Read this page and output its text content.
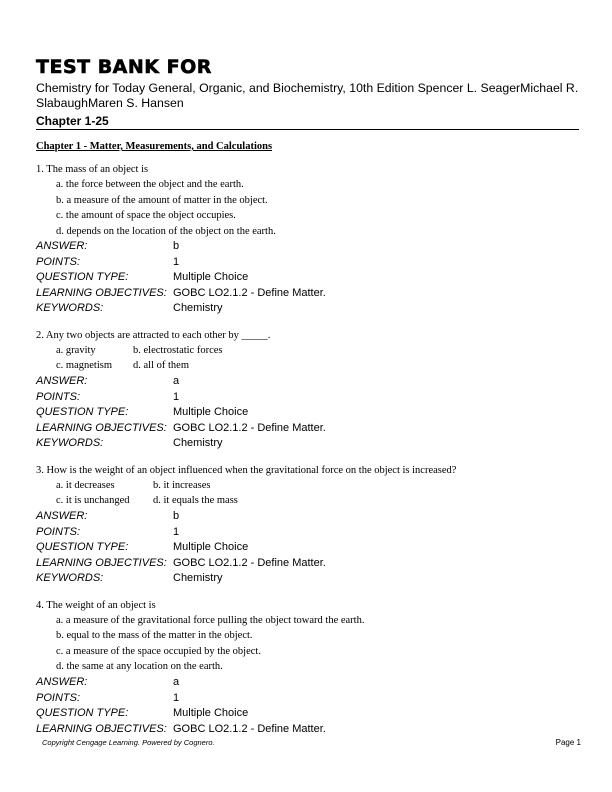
TEST BANK FOR
Chemistry for Today General, Organic, and Biochemistry, 10th Edition Spencer L. SeagerMichael R. SlabaughMaren S. Hansen
Chapter 1-25
Chapter 1 - Matter, Measurements, and Calculations
1. The mass of an object is
a. the force between the object and the earth.
b. a measure of the amount of matter in the object.
c. the amount of space the object occupies.
d. depends on the location of the object on the earth.
ANSWER:	b
POINTS:	1
QUESTION TYPE:	Multiple Choice
LEARNING OBJECTIVES: GOBC LO2.1.2 - Define Matter.
KEYWORDS:	Chemistry
2. Any two objects are attracted to each other by _____.
a. gravity	b. electrostatic forces
c. magnetism	d. all of them
ANSWER:	a
POINTS:	1
QUESTION TYPE:	Multiple Choice
LEARNING OBJECTIVES: GOBC LO2.1.2 - Define Matter.
KEYWORDS:	Chemistry
3. How is the weight of an object influenced when the gravitational force on the object is increased?
a. it decreases	b. it increases
c. it is unchanged	d. it equals the mass
ANSWER:	b
POINTS:	1
QUESTION TYPE:	Multiple Choice
LEARNING OBJECTIVES: GOBC LO2.1.2 - Define Matter.
KEYWORDS:	Chemistry
4. The weight of an object is
a. a measure of the gravitational force pulling the object toward the earth.
b. equal to the mass of the matter in the object.
c. a measure of the space occupied by the object.
d. the same at any location on the earth.
ANSWER:	a
POINTS:	1
QUESTION TYPE:	Multiple Choice
LEARNING OBJECTIVES: GOBC LO2.1.2 - Define Matter.
Copyright Cengage Learning. Powered by Cognero.	Page 1
